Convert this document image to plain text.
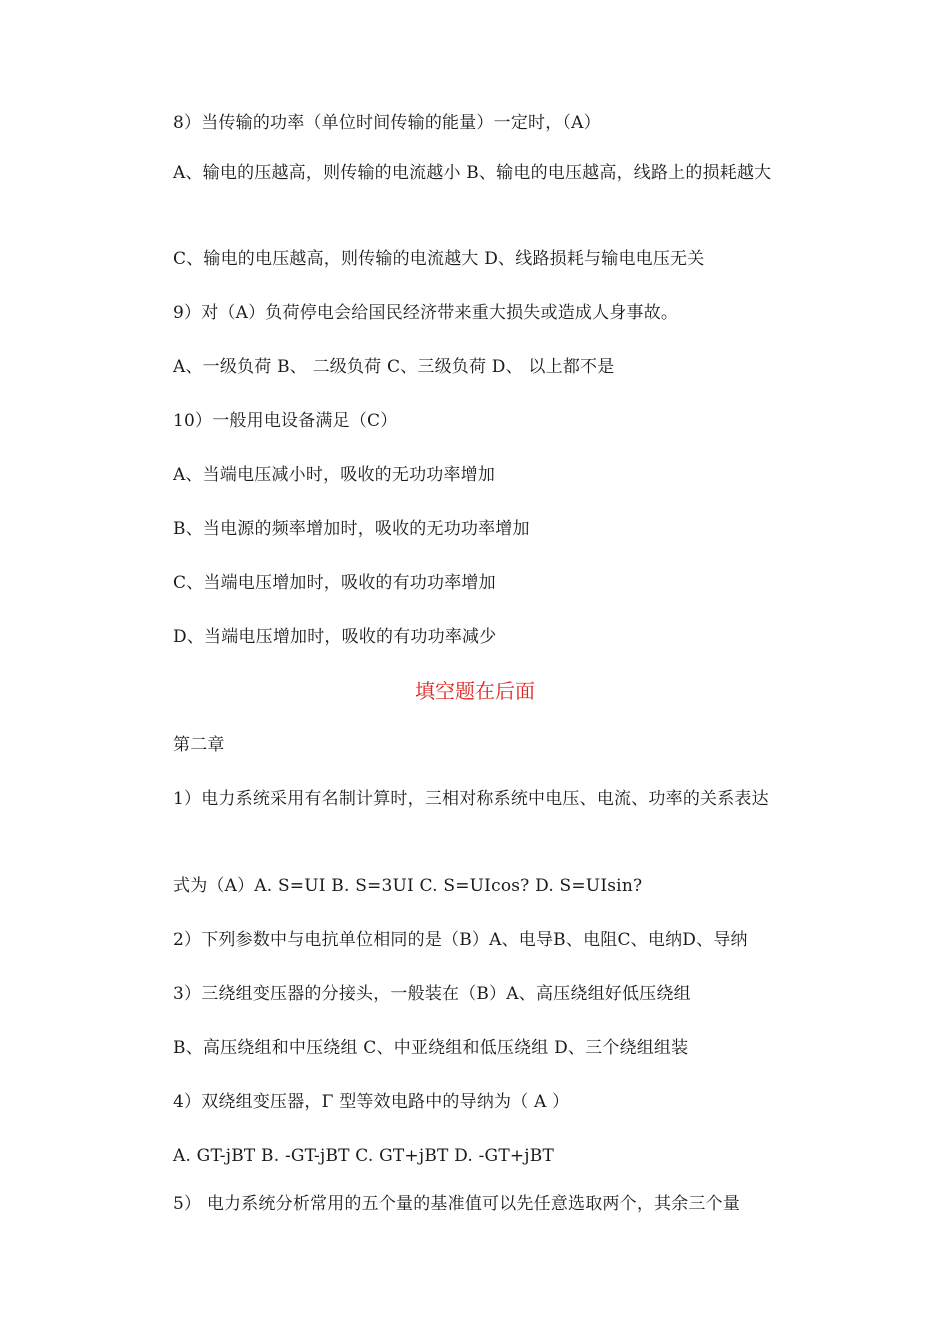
8）当传输的功率（单位时间传输的能量）一定时，（A）
A、输电的压越高，则传输的电流越小 B、输电的电压越高，线路上的损耗越大
C、输电的电压越高，则传输的电流越大 D、线路损耗与输电电压无关
9）对（A）负荷停电会给国民经济带来重大损失或造成人身事故。
A、一级负荷 B、 二级负荷 C、三级负荷 D、 以上都不是
10）一般用电设备满足（C）
A、当端电压减小时，吸收的无功功率增加
B、当电源的频率增加时，吸收的无功功率增加
C、当端电压增加时，吸收的有功功率增加
D、当端电压增加时，吸收的有功功率减少
填空题在后面
第二章
1）电力系统采用有名制计算时，三相对称系统中电压、电流、功率的关系表达
式为（A）A. S=UI B. S=3UI C. S=UIcos? D. S=UIsin?
2）下列参数中与电抗单位相同的是（B）A、电导B、电阻C、电纳D、导纳
3）三绕组变压器的分接头，一般装在（B）A、高压绕组好低压绕组
B、高压绕组和中压绕组 C、中亚绕组和低压绕组 D、三个绕组组装
4）双绕组变压器，Γ 型等效电路中的导纳为（ A ）
A. GT-jBT B. -GT-jBT C. GT+jBT D. -GT+jBT
5） 电力系统分析常用的五个量的基准值可以先任意选取两个，其余三个量
